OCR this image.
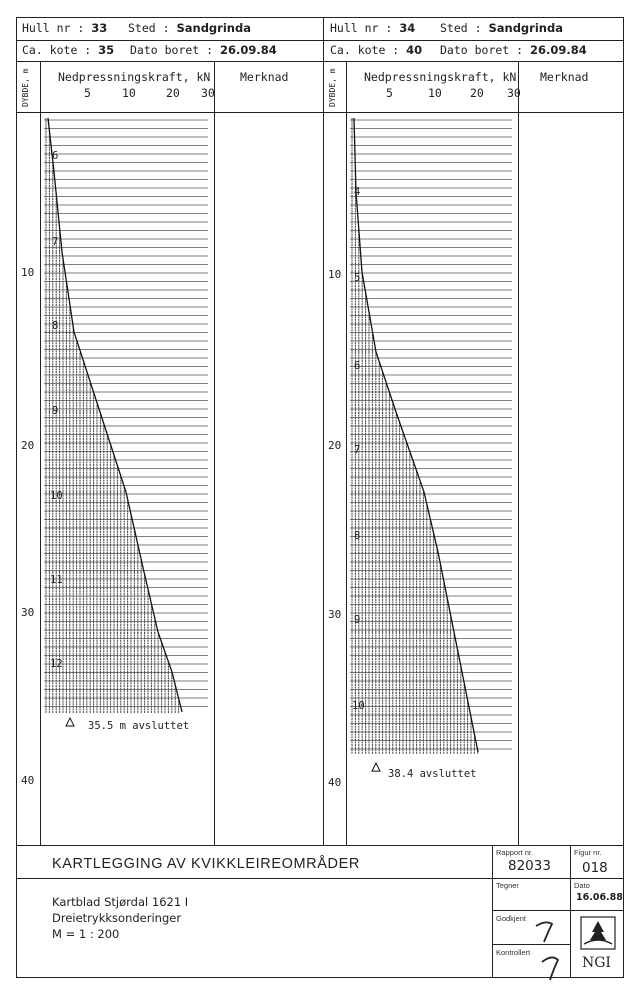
Hull nr : 33 Sted : Sandgrinda
Ca. kote : 35 Dato boret : 26.09.84
Hull nr : 34 Sted : Sandgrinda
Ca. kote : 40 Dato boret : 26.09.84
DYBDE, m Nedpressningskraft, kN	Merknad
5	10	20 30	DYBDE, m Nedpressningskraft, kN Merknad
5	10 20 30
10
20
30
40
10
20
30
40
6
7
8
9
10
11
12
4
5
6
7
8
9
10
35.5 m avsluttet
38.4 avsluttet
KARTLEGGING AV KVIKKLEIREOMRÅDER
Kartblad Stjørdal 1621 I
Dreietrykksonderinger
M = 1 : 200
Rapport nr.
82033
Figur nr.
018
Tegner	Dato
16.06.88
Godkjent
Kontrollert
NGI
